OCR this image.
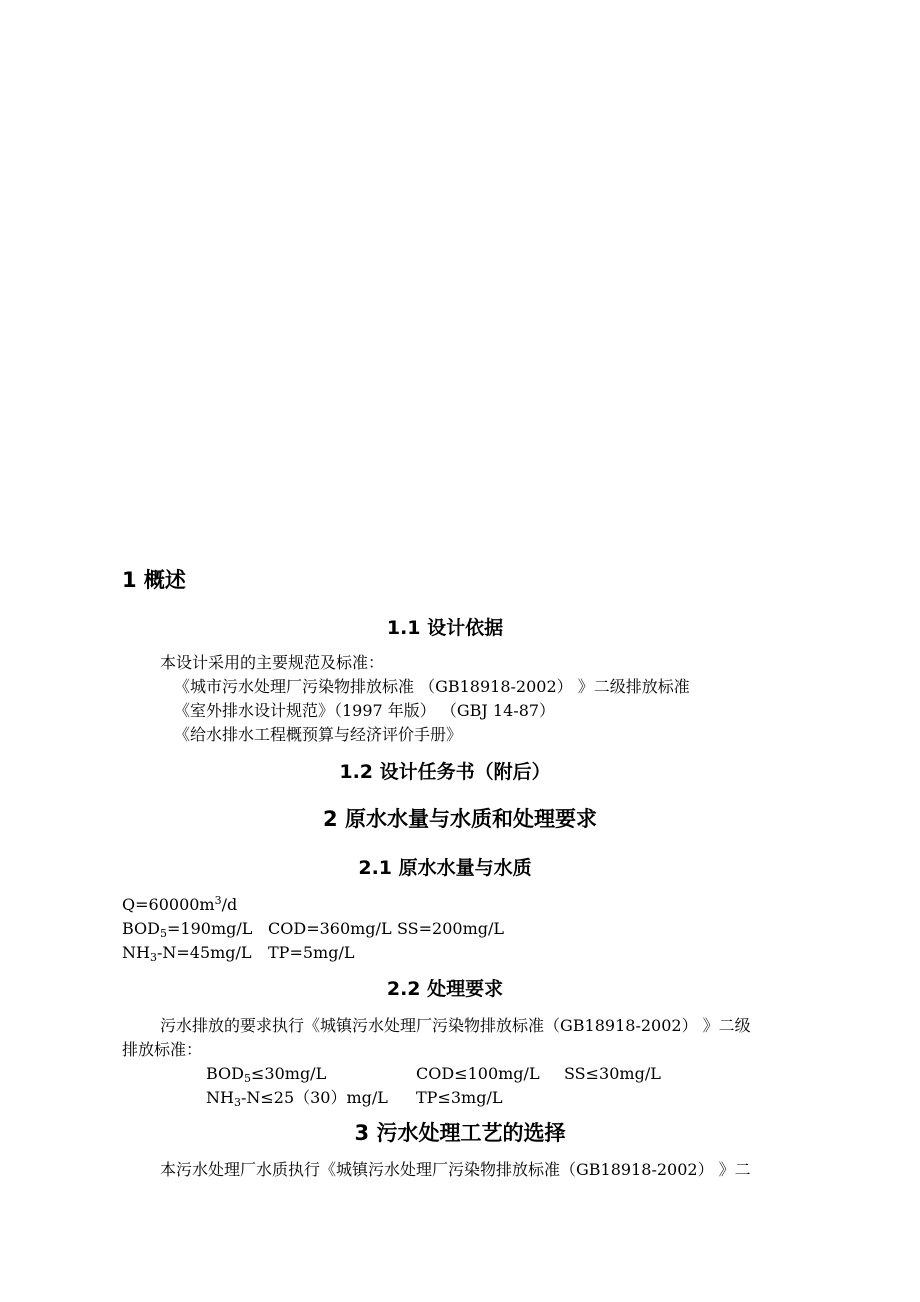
1 概述
1.1 设计依据
本设计采用的主要规范及标准：
《城市污水处理厂污染物排放标准 （GB18918-2002） 》二级排放标准
《室外排水设计规范》（1997 年版） （GBJ 14-87）
《给水排水工程概预算与经济评价手册》
1.2 设计任务书（附后）
2 原水水量与水质和处理要求
2.1 原水水量与水质
$Q=60000m^3/d$
$BOD_5=190mg/L$ COD=360mg/L SS=200mg/L
$NH_3-N=45mg/L$ TP=5mg/L
2.2 处理要求
污水排放的要求执行《城镇污水处理厂污染物排放标准（GB18918-2002） 》二级
排放标准：
$BOD_5\le 30mg/L$	COD≤100mg/L SS≤30mg/L
$NH_3-N\le 25(30)mg/L$ TP≤3mg/L
3 污水处理工艺的选择
本污水处理厂水质执行《城镇污水处理厂污染物排放标准（GB18918-2002） 》二
